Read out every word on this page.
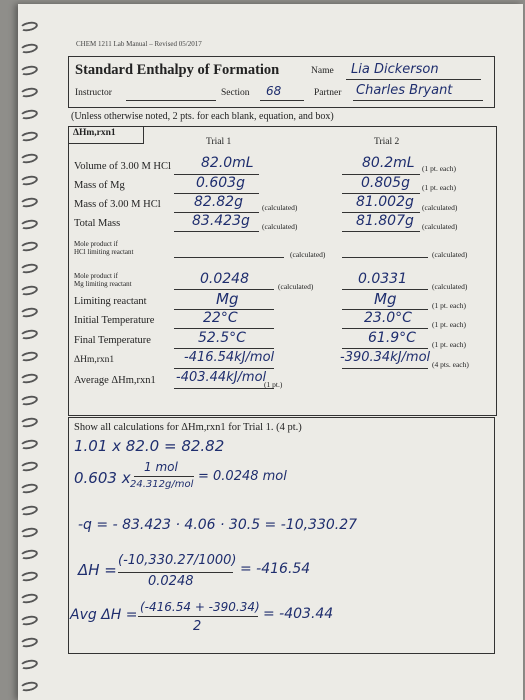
CHEM 1211 Lab Manual – Revised 05/2017
Standard Enthalpy of Formation	Name Lia Dickerson
Instructor	Section 68	Partner Charles Bryant
(Unless otherwise noted, 2 pts. for each blank, equation, and box)
ΔHm,rxn1
Trial 1	Trial 2
Volume of 3.00 M HCl 82.0mL	80.2mL (1 pt. each)
Mass of Mg	0.603g	0.805g (1 pt. each)
Mass of 3.00 M HCl 82.82g	(calculated)	81.002g (calculated)
Total Mass	83.423g (calculated)	81.807g (calculated)
Mole product if
HCl limiting reactant	(calculated)	(calculated)
Mole product if
Mg limiting reactant	0.0248	(calculated)	0.0331	(calculated)
Limiting reactant	Mg	Mg	(1 pt. each)
Initial Temperature	22°C	23.0°C	(1 pt. each)
Final Temperature	52.5°C	61.9°C (1 pt. each)
ΔHm,rxn1	-416.54kJ/mol	-390.34kJ/mol (4 pts. each)
Average ΔHm,rxn1 -403.44kJ/mol
(1 pt.)
Show all calculations for ΔHm,rxn1 for Trial 1. (4 pt.)
1.01 x 82.0 = 82.82
0.603 x
1 mol
24.312g/mol
= 0.0248 mol
-q = - 83.423 · 4.06 · 30.5 = -10,330.27
ΔH =
(-10,330.27/1000)
0.0248
= -416.54
Avg ΔH = (-416.54 + -390.34)
2
= -403.44
